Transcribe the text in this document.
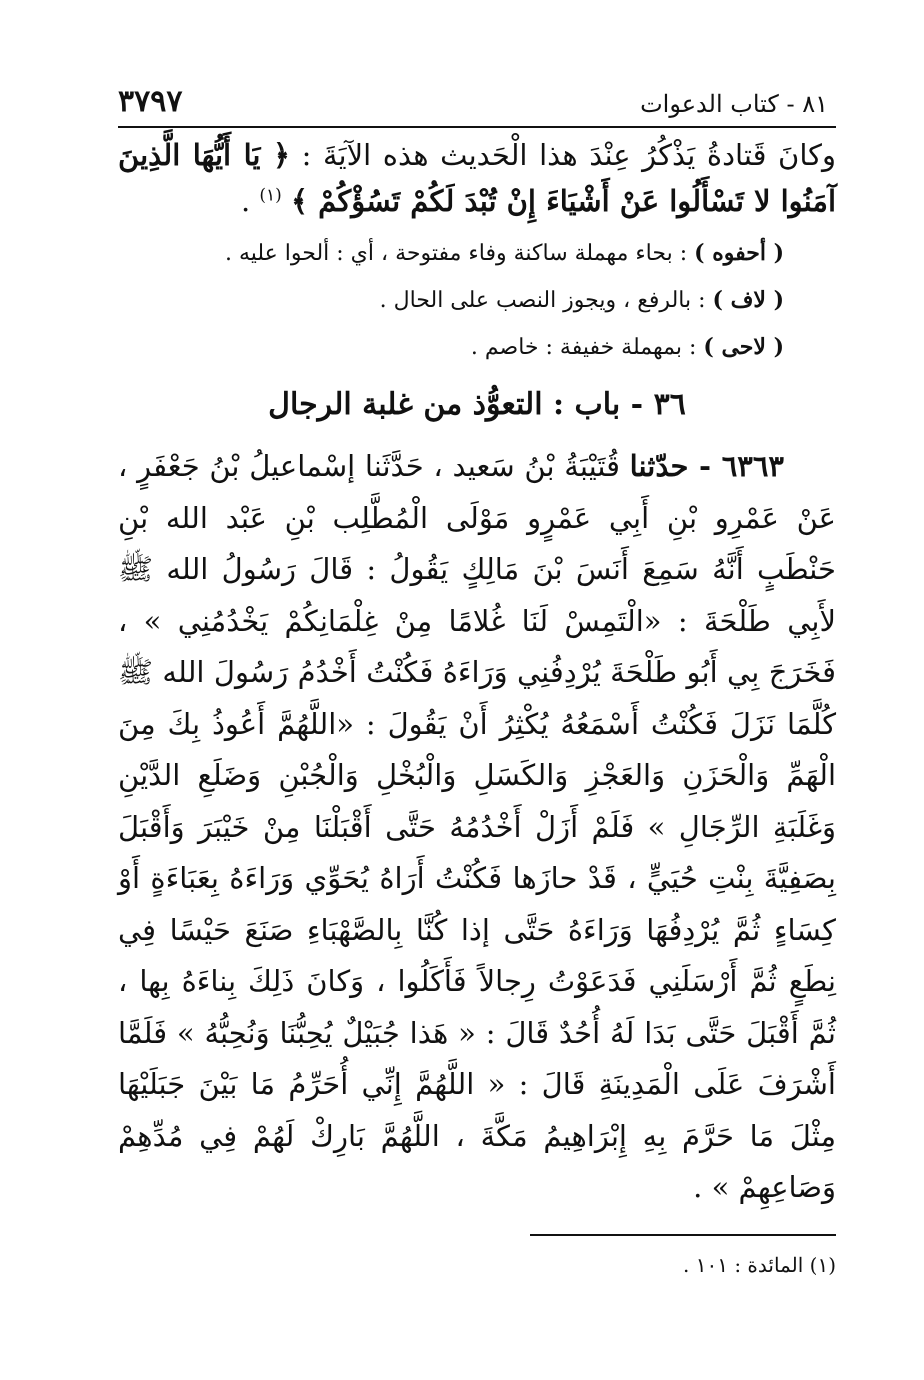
٨١ - كتاب الدعوات
٣٧٩٧

وكانَ قَتادةُ يَذْكُرُ عِنْدَ هذا الْحَديث هذه الآيَةَ : ﴿ يَا أَيُّهَا الَّذِينَ آمَنُوا لا تَسْأَلُوا عَنْ أَشْيَاءَ إِنْ تُبْدَ لَكُمْ تَسُؤْكُمْ ﴾ $^{(١)}$ .

( أحفوه ) : بحاء مهملة ساكنة وفاء مفتوحة ، أي : ألحوا عليه .

( لاف ) : بالرفع ، ويجوز النصب على الحال .

( لاحى ) : بمهملة خفيفة : خاصم .

٣٦ - باب : التعوُّذ من غلبة الرجال

٦٣٦٣ - حدّثنا قُتَيْبَةُ بْنُ سَعيد ، حَدَّثَنا إسْماعيلُ بْنُ جَعْفَرٍ ، عَنْ عَمْرِو بْنِ أَبِي عَمْرٍو مَوْلَى الْمُطَّلِب بْنِ عَبْد الله بْنِ حَنْطَبٍ أَنَّهُ سَمِعَ أَنَسَ بْنَ مَالِكٍ يَقُولُ : قَالَ رَسُولُ الله ﷺ لأَبِي طَلْحَةَ : «الْتَمِسْ لَنَا غُلامًا مِنْ غِلْمَانِكُمْ يَخْدُمُنِي » ، فَخَرَجَ بِي أَبُو طَلْحَةَ يُرْدِفُنِي وَرَاءَهُ فَكُنْتُ أَخْدُمُ رَسُولَ الله ﷺ كُلَّمَا نَزَلَ فَكُنْتُ أَسْمَعُهُ يُكْثِرُ أَنْ يَقُولَ : «اللَّهُمَّ أَعُوذُ بِكَ مِنَ الْهَمِّ وَالْحَزَنِ وَالعَجْزِ وَالكَسَلِ وَالْبُخْلِ وَالْجُبْنِ وَضَلَعِ الدَّيْنِ وَغَلَبَةِ الرِّجَالِ » فَلَمْ أَزَلْ أَخْدُمُهُ حَتَّى أَقْبَلْنَا مِنْ خَيْبَرَ وَأَقْبَلَ بِصَفِيَّةَ بِنْتِ حُيَيٍّ ، قَدْ حازَها فَكُنْتُ أَرَاهُ يُحَوِّي وَرَاءَهُ بِعَبَاءَةٍ أَوْ كِسَاءٍ ثُمَّ يُرْدِفُهَا وَرَاءَهُ حَتَّى إذا كُنَّا بِالصَّهْبَاءِ صَنَعَ حَيْسًا فِي نِطَعٍ ثُمَّ أَرْسَلَنِي فَدَعَوْتُ رِجالاً فَأَكَلُوا ، وَكانَ ذَلِكَ بِناءَهُ بِها ، ثُمَّ أَقْبَلَ حَتَّى بَدَا لَهُ أُحُدٌ قَالَ : « هَذا جُبَيْلٌ يُحِبُّنَا وَنُحِبُّهُ » فَلَمَّا أَشْرَفَ عَلَى الْمَدِينَةِ قَالَ : « اللَّهُمَّ إِنِّي أُحَرِّمُ مَا بَيْنَ جَبَلَيْهَا مِثْلَ مَا حَرَّمَ بِهِ إِبْرَاهِيمُ مَكَّةَ ، اللَّهُمَّ بَارِكْ لَهُمْ فِي مُدِّهِمْ وَصَاعِهِمْ » .

(١) المائدة : ١٠١ .
